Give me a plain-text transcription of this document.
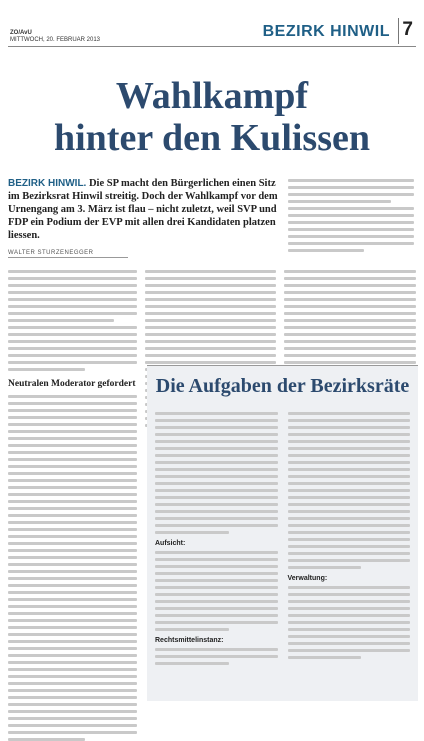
ZO/AvU
MITTWOCH, 20. FEBRUAR 2013	BEZIRK HINWIL 7
Wahlkampf
hinter den Kulissen
BEZIRK HINWIL. Die SP macht den Bürgerlichen einen Sitz im Bezirksrat Hinwil streitig. Doch der Wahlkampf vor dem Urnengang am 3. März ist flau – nicht zuletzt, weil SVP und FDP ein Podium der EVP mit allen drei Kandidaten platzen liessen.
WALTER STURZENEGGER
Neutralen Moderator gefordert Die Aufgaben der Bezirksräte
Aufsicht:
Rechtsmittelinstanz:
Verwaltung:
